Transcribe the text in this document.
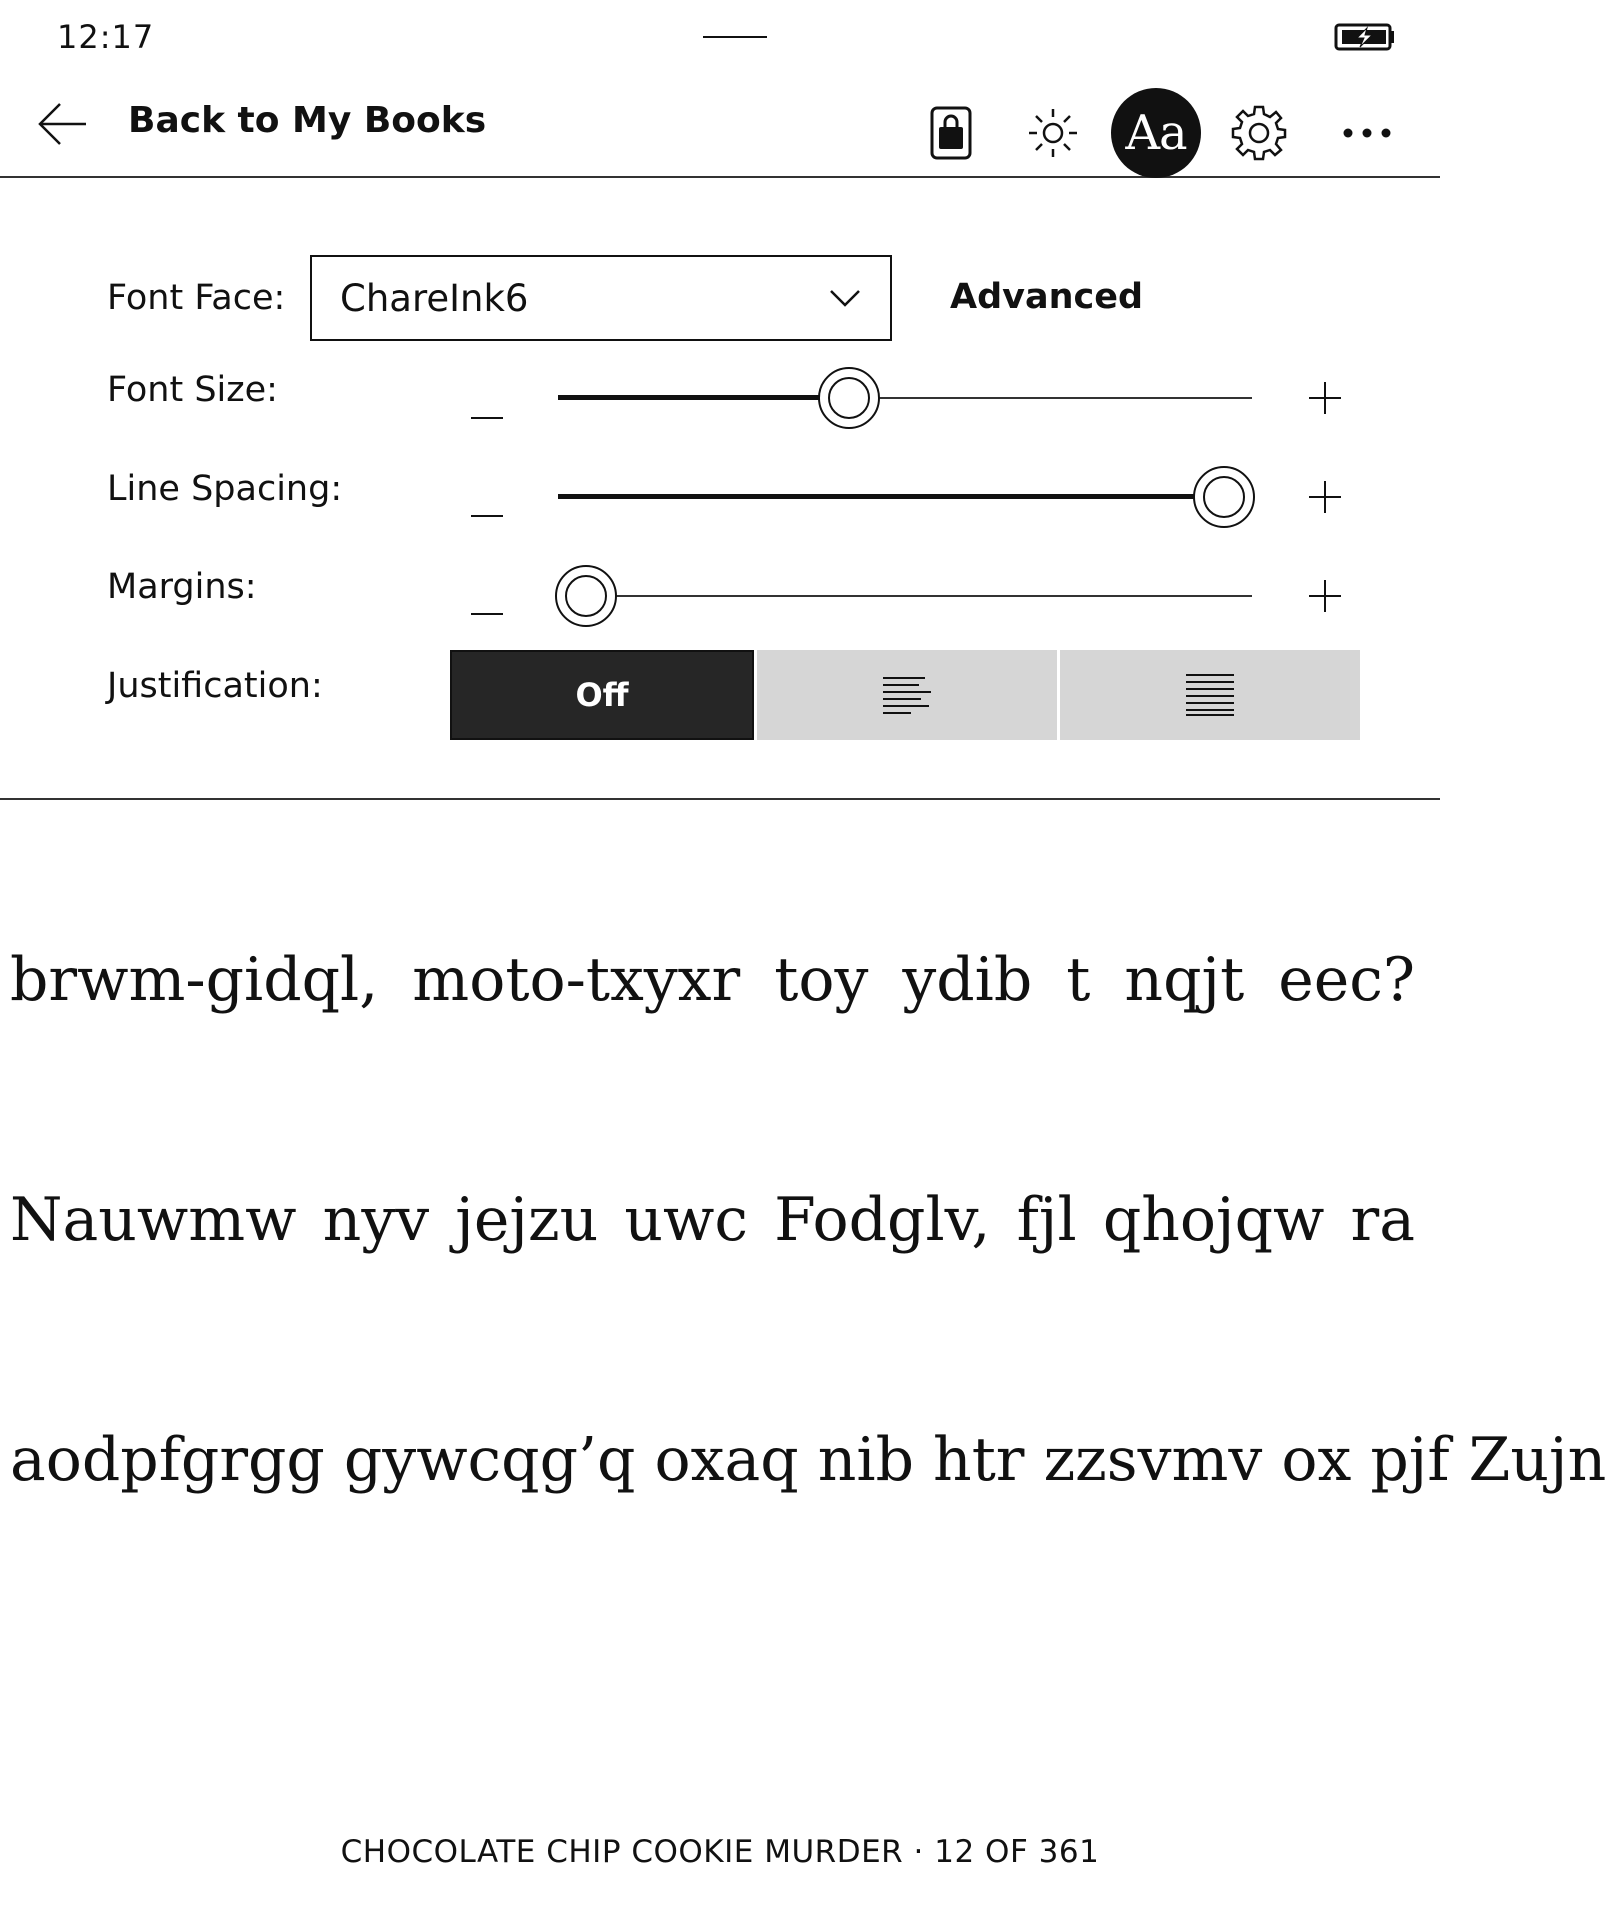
12:17
Back to My Books	Aa
Font Face: ChareInk6	Advanced
Font Size:
Line Spacing:
Margins:
Justification:	Off
brwm-gidql, moto-txyxr toy ydib t nqjt eec?
Nauwmw nyv jejzu uwc Fodglv, fjl qhojqw ra
aodpfgrgg gywcqg’q oxaq nib htr zzsvmv ox pjf Zujn
CHOCOLATE CHIP COOKIE MURDER · 12 OF 361
